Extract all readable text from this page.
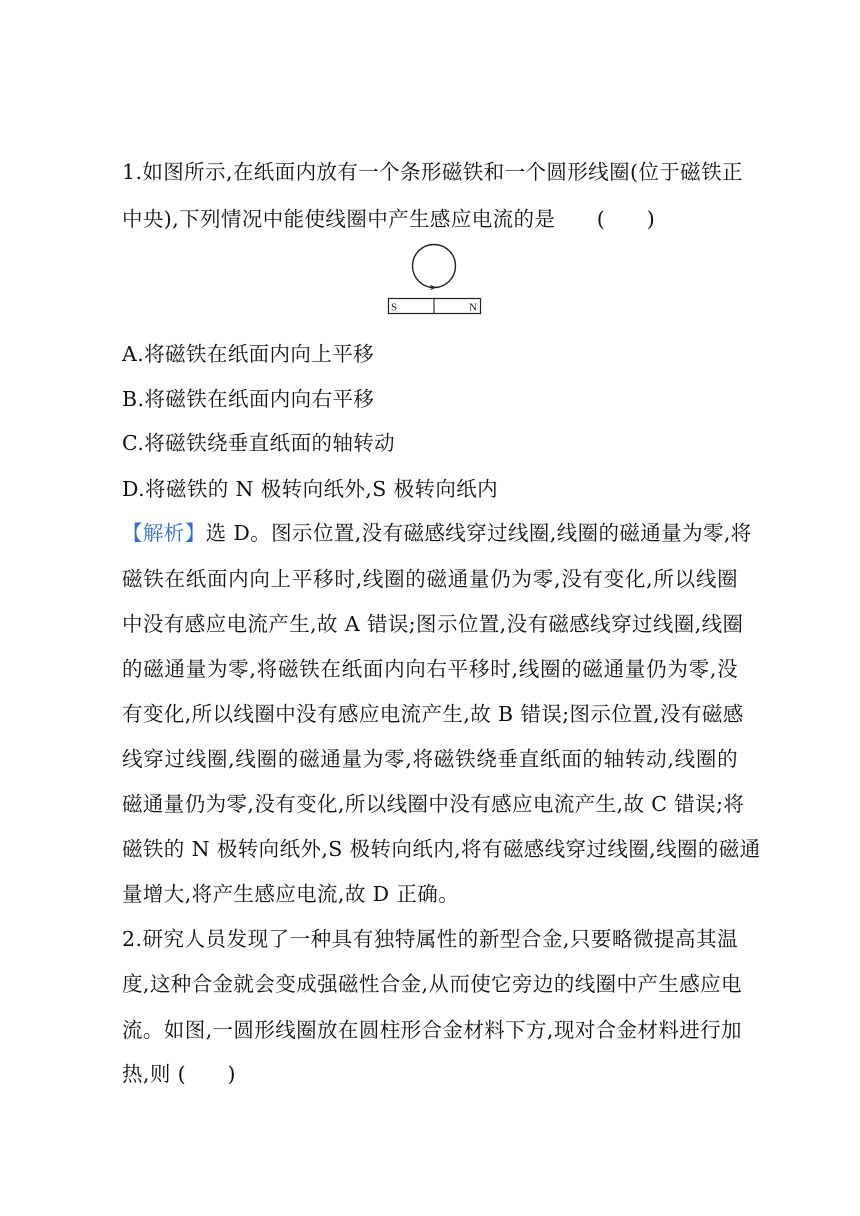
1.如图所示,在纸面内放有一个条形磁铁和一个圆形线圈(位于磁铁正
中央),下列情况中能使线圈中产生感应电流的是      (      )
S	N
A.将磁铁在纸面内向上平移
B.将磁铁在纸面内向右平移
C.将磁铁绕垂直纸面的轴转动
D.将磁铁的 N 极转向纸外,S 极转向纸内
【解析】选 D。图示位置,没有磁感线穿过线圈,线圈的磁通量为零,将
磁铁在纸面内向上平移时,线圈的磁通量仍为零,没有变化,所以线圈
中没有感应电流产生,故 A 错误;图示位置,没有磁感线穿过线圈,线圈
的磁通量为零,将磁铁在纸面内向右平移时,线圈的磁通量仍为零,没
有变化,所以线圈中没有感应电流产生,故 B 错误;图示位置,没有磁感
线穿过线圈,线圈的磁通量为零,将磁铁绕垂直纸面的轴转动,线圈的
磁通量仍为零,没有变化,所以线圈中没有感应电流产生,故 C 错误;将
磁铁的 N 极转向纸外,S 极转向纸内,将有磁感线穿过线圈,线圈的磁通
量增大,将产生感应电流,故 D 正确。
2.研究人员发现了一种具有独特属性的新型合金,只要略微提高其温
度,这种合金就会变成强磁性合金,从而使它旁边的线圈中产生感应电
流。如图,一圆形线圈放在圆柱形合金材料下方,现对合金材料进行加
热,则 (      )
